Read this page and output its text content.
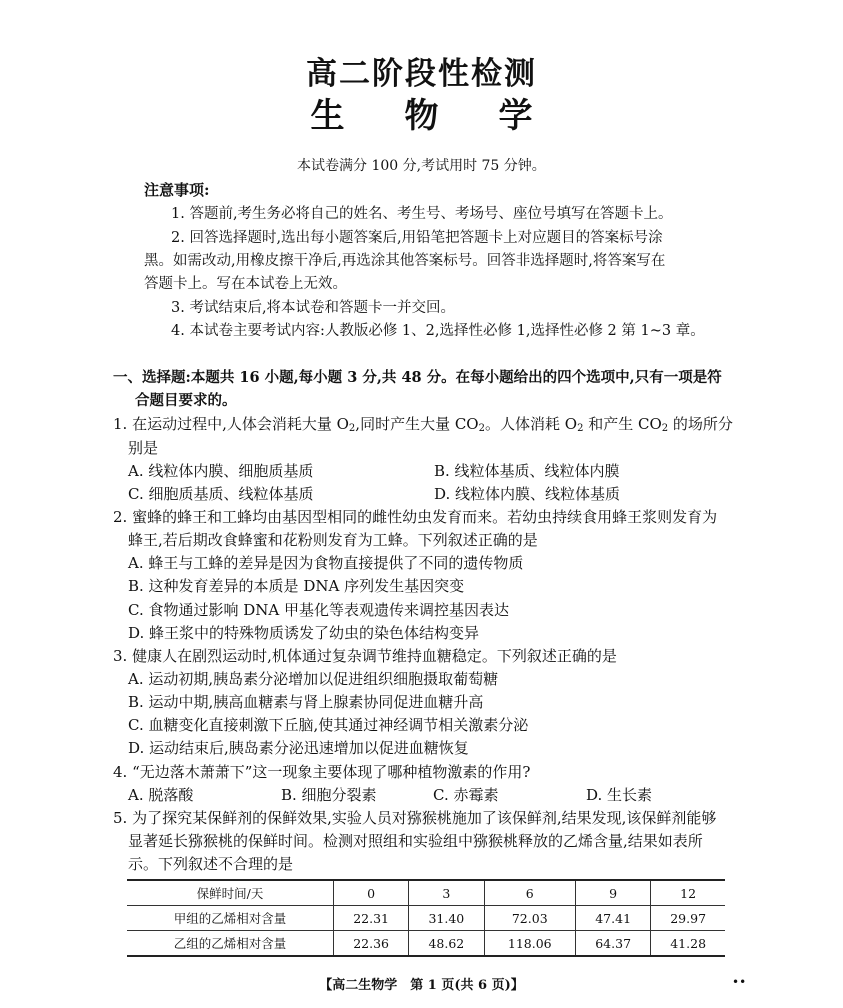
高二阶段性检测
生物学
本试卷满分 100 分,考试用时 75 分钟。
注意事项:
1. 答题前,考生务必将自己的姓名、考生号、考场号、座位号填写在答题卡上。
2. 回答选择题时,选出每小题答案后,用铅笔把答题卡上对应题目的答案标号涂
黑。如需改动,用橡皮擦干净后,再选涂其他答案标号。回答非选择题时,将答案写在
答题卡上。写在本试卷上无效。
3. 考试结束后,将本试卷和答题卡一并交回。
4. 本试卷主要考试内容:人教版必修 1、2,选择性必修 1,选择性必修 2 第 1~3 章。
一、选择题:本题共 16 小题,每小题 3 分,共 48 分。在每小题给出的四个选项中,只有一项是符
合题目要求的。
1. 在运动过程中,人体会消耗大量 $O_2$,同时产生大量 $CO_2$。人体消耗 $O_2$ 和产生 $CO_2$ 的场所分
别是
A. 线粒体内膜、细胞质基质	B. 线粒体基质、线粒体内膜
C. 细胞质基质、线粒体基质	D. 线粒体内膜、线粒体基质
2. 蜜蜂的蜂王和工蜂均由基因型相同的雌性幼虫发育而来。若幼虫持续食用蜂王浆则发育为
蜂王,若后期改食蜂蜜和花粉则发育为工蜂。下列叙述正确的是
A. 蜂王与工蜂的差异是因为食物直接提供了不同的遗传物质
B. 这种发育差异的本质是 DNA 序列发生基因突变
C. 食物通过影响 DNA 甲基化等表观遗传来调控基因表达
D. 蜂王浆中的特殊物质诱发了幼虫的染色体结构变异
3. 健康人在剧烈运动时,机体通过复杂调节维持血糖稳定。下列叙述正确的是
A. 运动初期,胰岛素分泌增加以促进组织细胞摄取葡萄糖
B. 运动中期,胰高血糖素与肾上腺素协同促进血糖升高
C. 血糖变化直接刺激下丘脑,使其通过神经调节相关激素分泌
D. 运动结束后,胰岛素分泌迅速增加以促进血糖恢复
4. “无边落木萧萧下”这一现象主要体现了哪种植物激素的作用?
A. 脱落酸	B. 细胞分裂素	C. 赤霉素	D. 生长素
5. 为了探究某保鲜剂的保鲜效果,实验人员对猕猴桃施加了该保鲜剂,结果发现,该保鲜剂能够
显著延长猕猴桃的保鲜时间。检测对照组和实验组中猕猴桃释放的乙烯含量,结果如表所
示。下列叙述不合理的是
保鲜时间/天	0	3	6	9	12
甲组的乙烯相对含量	22.31	31.40	72.03	47.41	29.97
乙组的乙烯相对含量	22.36	48.62	118.06	64.37	41.28
【高二生物学　第 1 页(共 6 页)】	••
